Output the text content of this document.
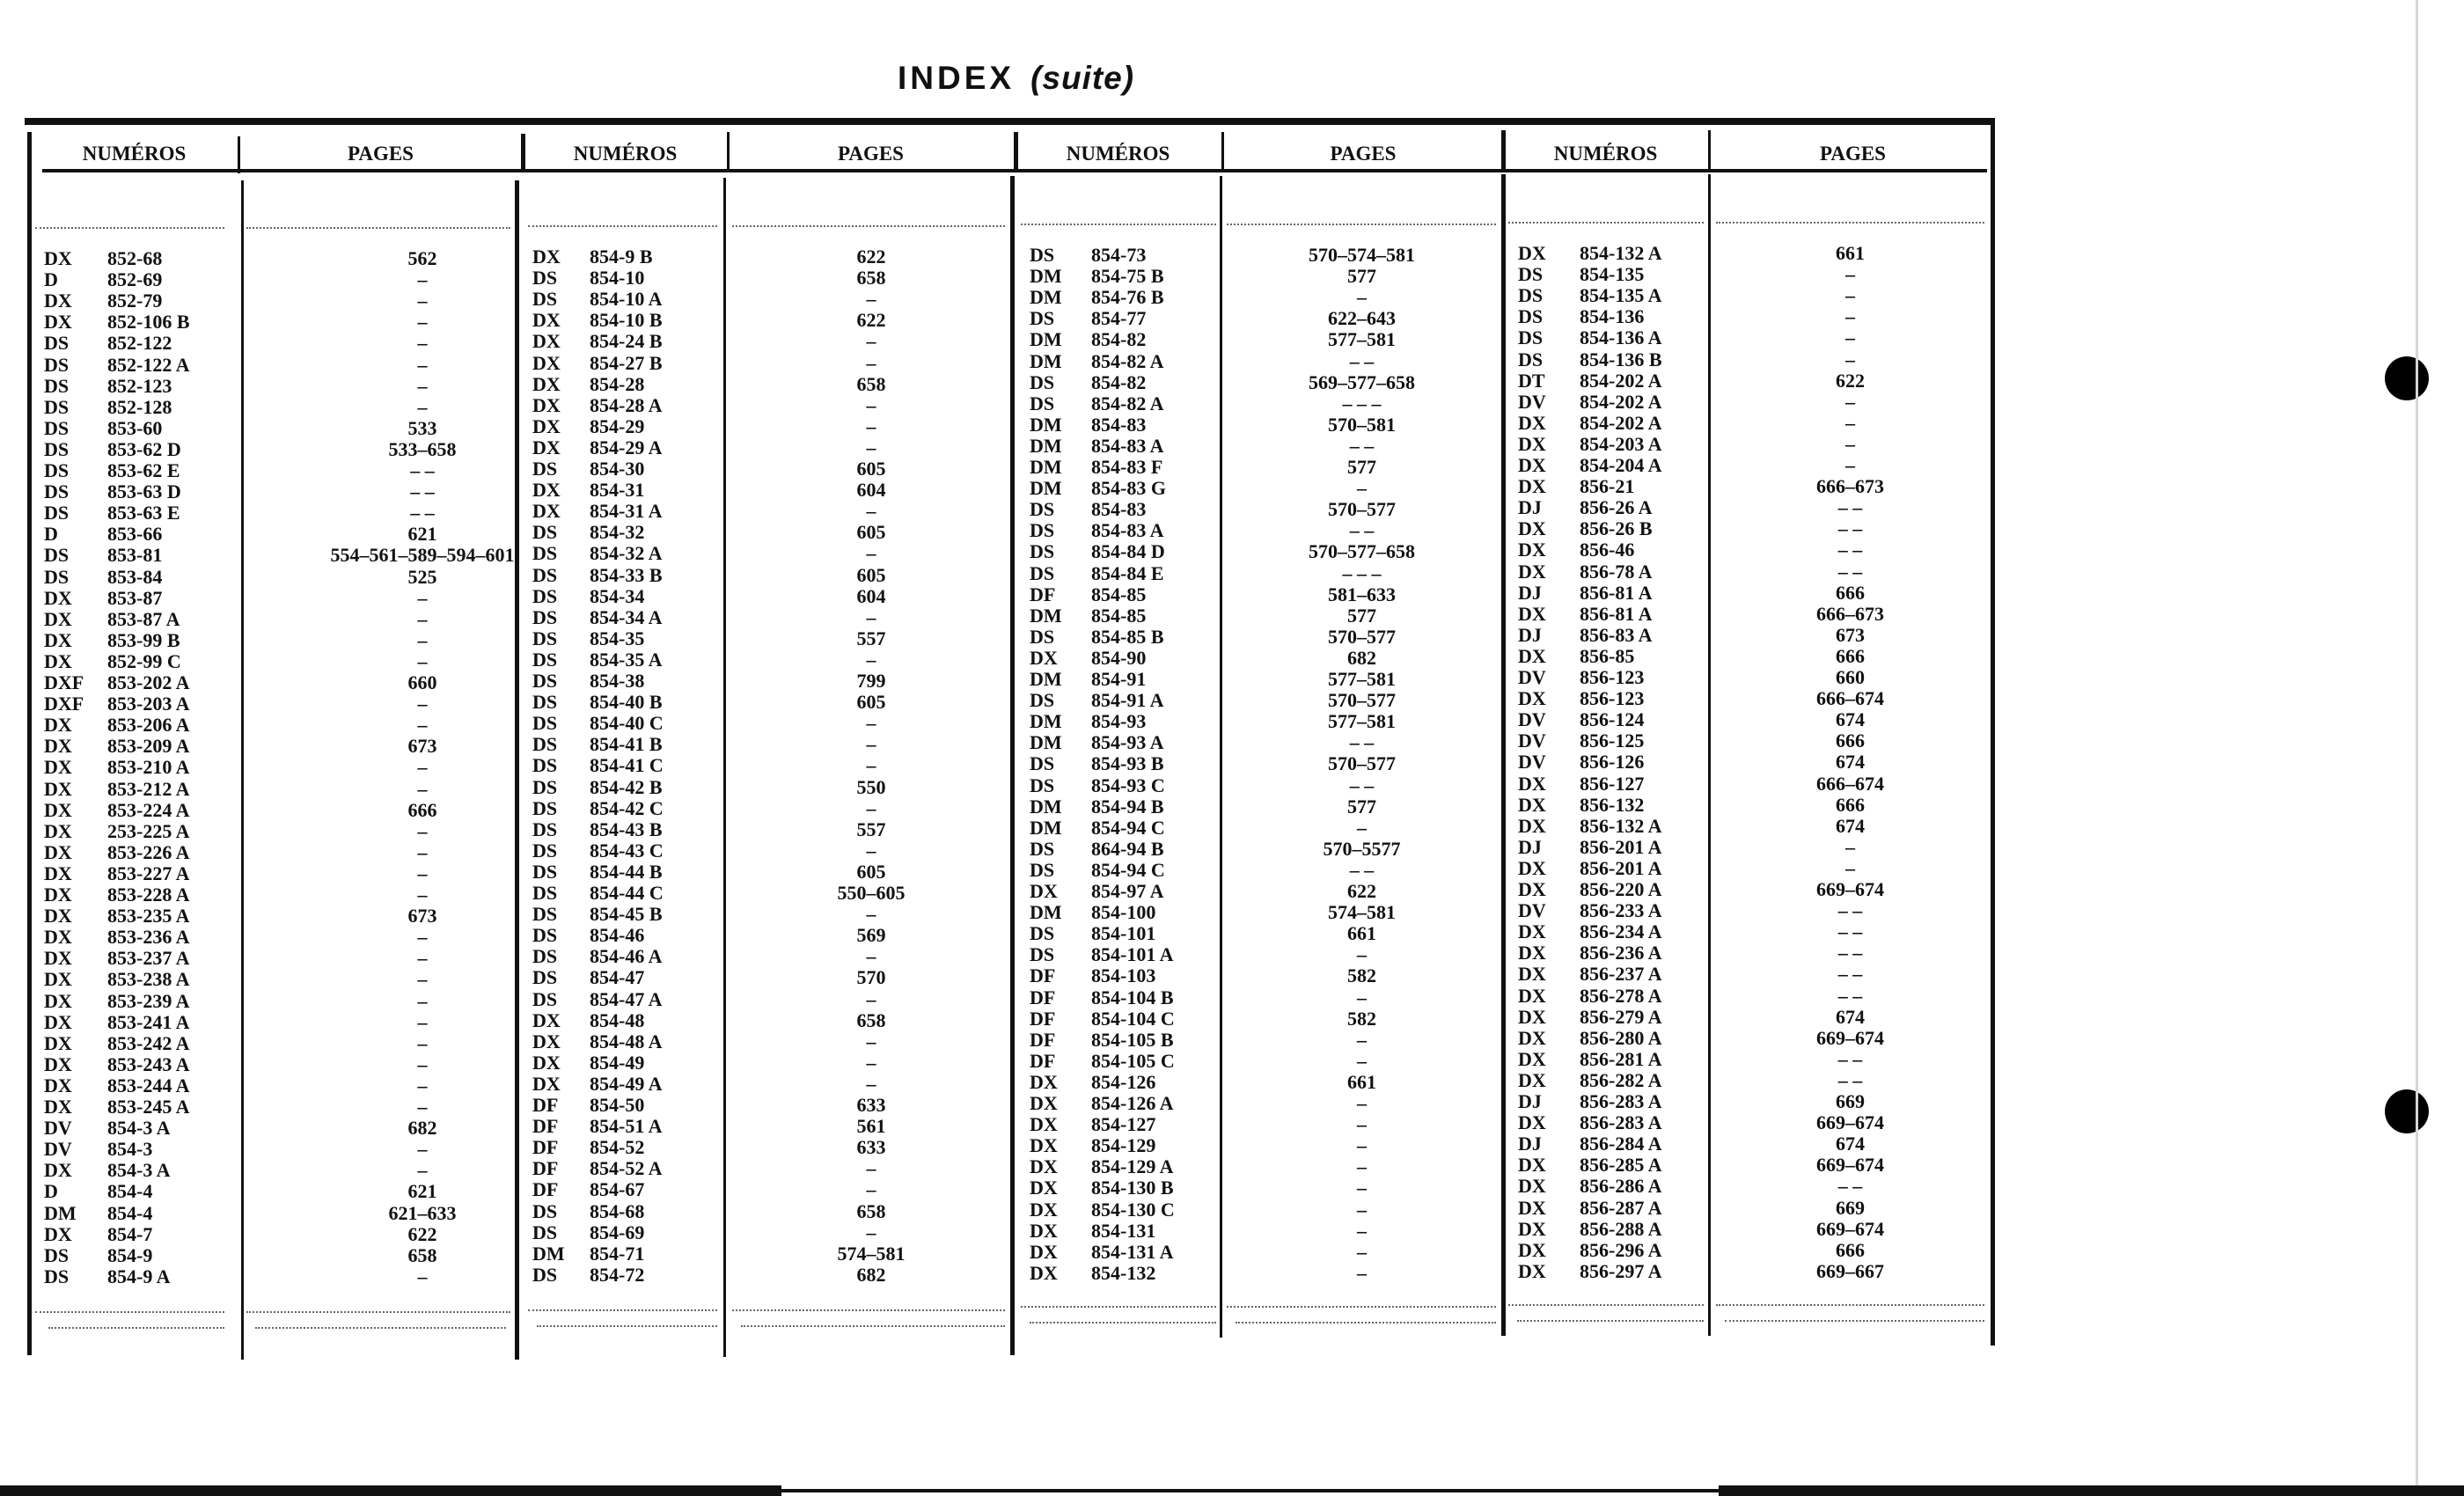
INDEX (suite)
NUMÉROS	PAGES	NUMÉROS	PAGES	NUMÉROS	PAGES	NUMÉROS	PAGES
DX 852-68	562
D	852-69	–
DX 852-79	–
DX 852-106 B	–
DS 852-122	–
DS 852-122 A	–
DS 852-123	–
DS 852-128	–
DS 853-60	533
DS 853-62 D	533–658
DS 853-62 E	– –
DS 853-63 D	– –
DS 853-63 E	– –
D	853-66	621
DS 853-81	554–561–589–594–601
DS 853-84	525
DX 853-87	–
DX 853-87 A	–
DX 853-99 B	–
DX 852-99 C	–
DXF 853-202 A	660
DXF 853-203 A	–
DX 853-206 A	–
DX 853-209 A	673
DX 853-210 A	–
DX 853-212 A	–
DX 853-224 A	666
DX 253-225 A	–
DX 853-226 A	–
DX 853-227 A	–
DX 853-228 A	–
DX 853-235 A	673
DX 853-236 A	–
DX 853-237 A	–
DX 853-238 A	–
DX 853-239 A	–
DX 853-241 A	–
DX 853-242 A	–
DX 853-243 A	–
DX 853-244 A	–
DX 853-245 A	–
DV 854-3 A	682
DV 854-3	–
DX 854-3 A	–
D	854-4	621
DM 854-4	621–633
DX 854-7	622
DS 854-9	658
DS 854-9 A	–
DX 854-9 B	622
DS 854-10	658
DS 854-10 A	–
DX 854-10 B	622
DX 854-24 B	–
DX 854-27 B	–
DX 854-28	658
DX 854-28 A	–
DX 854-29	–
DX 854-29 A	–
DS 854-30	605
DX 854-31	604
DX 854-31 A	–
DS 854-32	605
DS 854-32 A	–
DS 854-33 B	605
DS 854-34	604
DS 854-34 A	–
DS 854-35	557
DS 854-35 A	–
DS 854-38	799
DS 854-40 B	605
DS 854-40 C	–
DS 854-41 B	–
DS 854-41 C	–
DS 854-42 B	550
DS 854-42 C	–
DS 854-43 B	557
DS 854-43 C	–
DS 854-44 B	605
DS 854-44 C	550–605
DS 854-45 B	–
DS 854-46	569
DS 854-46 A	–
DS 854-47	570
DS 854-47 A	–
DX 854-48	658
DX 854-48 A	–
DX 854-49	–
DX 854-49 A	–
DF 854-50	633
DF 854-51 A	561
DF 854-52	633
DF 854-52 A	–
DF 854-67	–
DS 854-68	658
DS 854-69	–
DM 854-71	574–581
DS 854-72	682
DS 854-73	570–574–581
DM 854-75 B	577
DM 854-76 B	–
DS 854-77	622–643
DM 854-82	577–581
DM 854-82 A	– –
DS 854-82	569–577–658
DS 854-82 A	– – –
DM 854-83	570–581
DM 854-83 A	– –
DM 854-83 F	577
DM 854-83 G	–
DS 854-83	570–577
DS 854-83 A	– –
DS 854-84 D	570–577–658
DS 854-84 E	– – –
DF 854-85	581–633
DM 854-85	577
DS 854-85 B	570–577
DX 854-90	682
DM 854-91	577–581
DS 854-91 A	570–577
DM 854-93	577–581
DM 854-93 A	– –
DS 854-93 B	570–577
DS 854-93 C	– –
DM 854-94 B	577
DM 854-94 C	–
DS 864-94 B	570–5577
DS 854-94 C	– –
DX 854-97 A	622
DM 854-100	574–581
DS 854-101	661
DS 854-101 A	–
DF 854-103	582
DF 854-104 B	–
DF 854-104 C	582
DF 854-105 B	–
DF 854-105 C	–
DX 854-126	661
DX 854-126 A	–
DX 854-127	–
DX 854-129	–
DX 854-129 A	–
DX 854-130 B	–
DX 854-130 C	–
DX 854-131	–
DX 854-131 A	–
DX 854-132	–
DX 854-132 A	661
DS 854-135	–
DS 854-135 A	–
DS 854-136	–
DS 854-136 A	–
DS 854-136 B	–
DT 854-202 A	622
DV 854-202 A	–
DX 854-202 A	–
DX 854-203 A	–
DX 854-204 A	–
DX 856-21	666–673
DJ 856-26 A	– –
DX 856-26 B	– –
DX 856-46	– –
DX 856-78 A	– –
DJ 856-81 A	666
DX 856-81 A	666–673
DJ 856-83 A	673
DX 856-85	666
DV 856-123	660
DX 856-123	666–674
DV 856-124	674
DV 856-125	666
DV 856-126	674
DX 856-127	666–674
DX 856-132	666
DX 856-132 A	674
DJ 856-201 A	–
DX 856-201 A	–
DX 856-220 A	669–674
DV 856-233 A	– –
DX 856-234 A	– –
DX 856-236 A	– –
DX 856-237 A	– –
DX 856-278 A	– –
DX 856-279 A	674
DX 856-280 A	669–674
DX 856-281 A	– –
DX 856-282 A	– –
DJ 856-283 A	669
DX 856-283 A	669–674
DJ 856-284 A	674
DX 856-285 A	669–674
DX 856-286 A	– –
DX 856-287 A	669
DX 856-288 A	669–674
DX 856-296 A	666
DX 856-297 A	669–667
